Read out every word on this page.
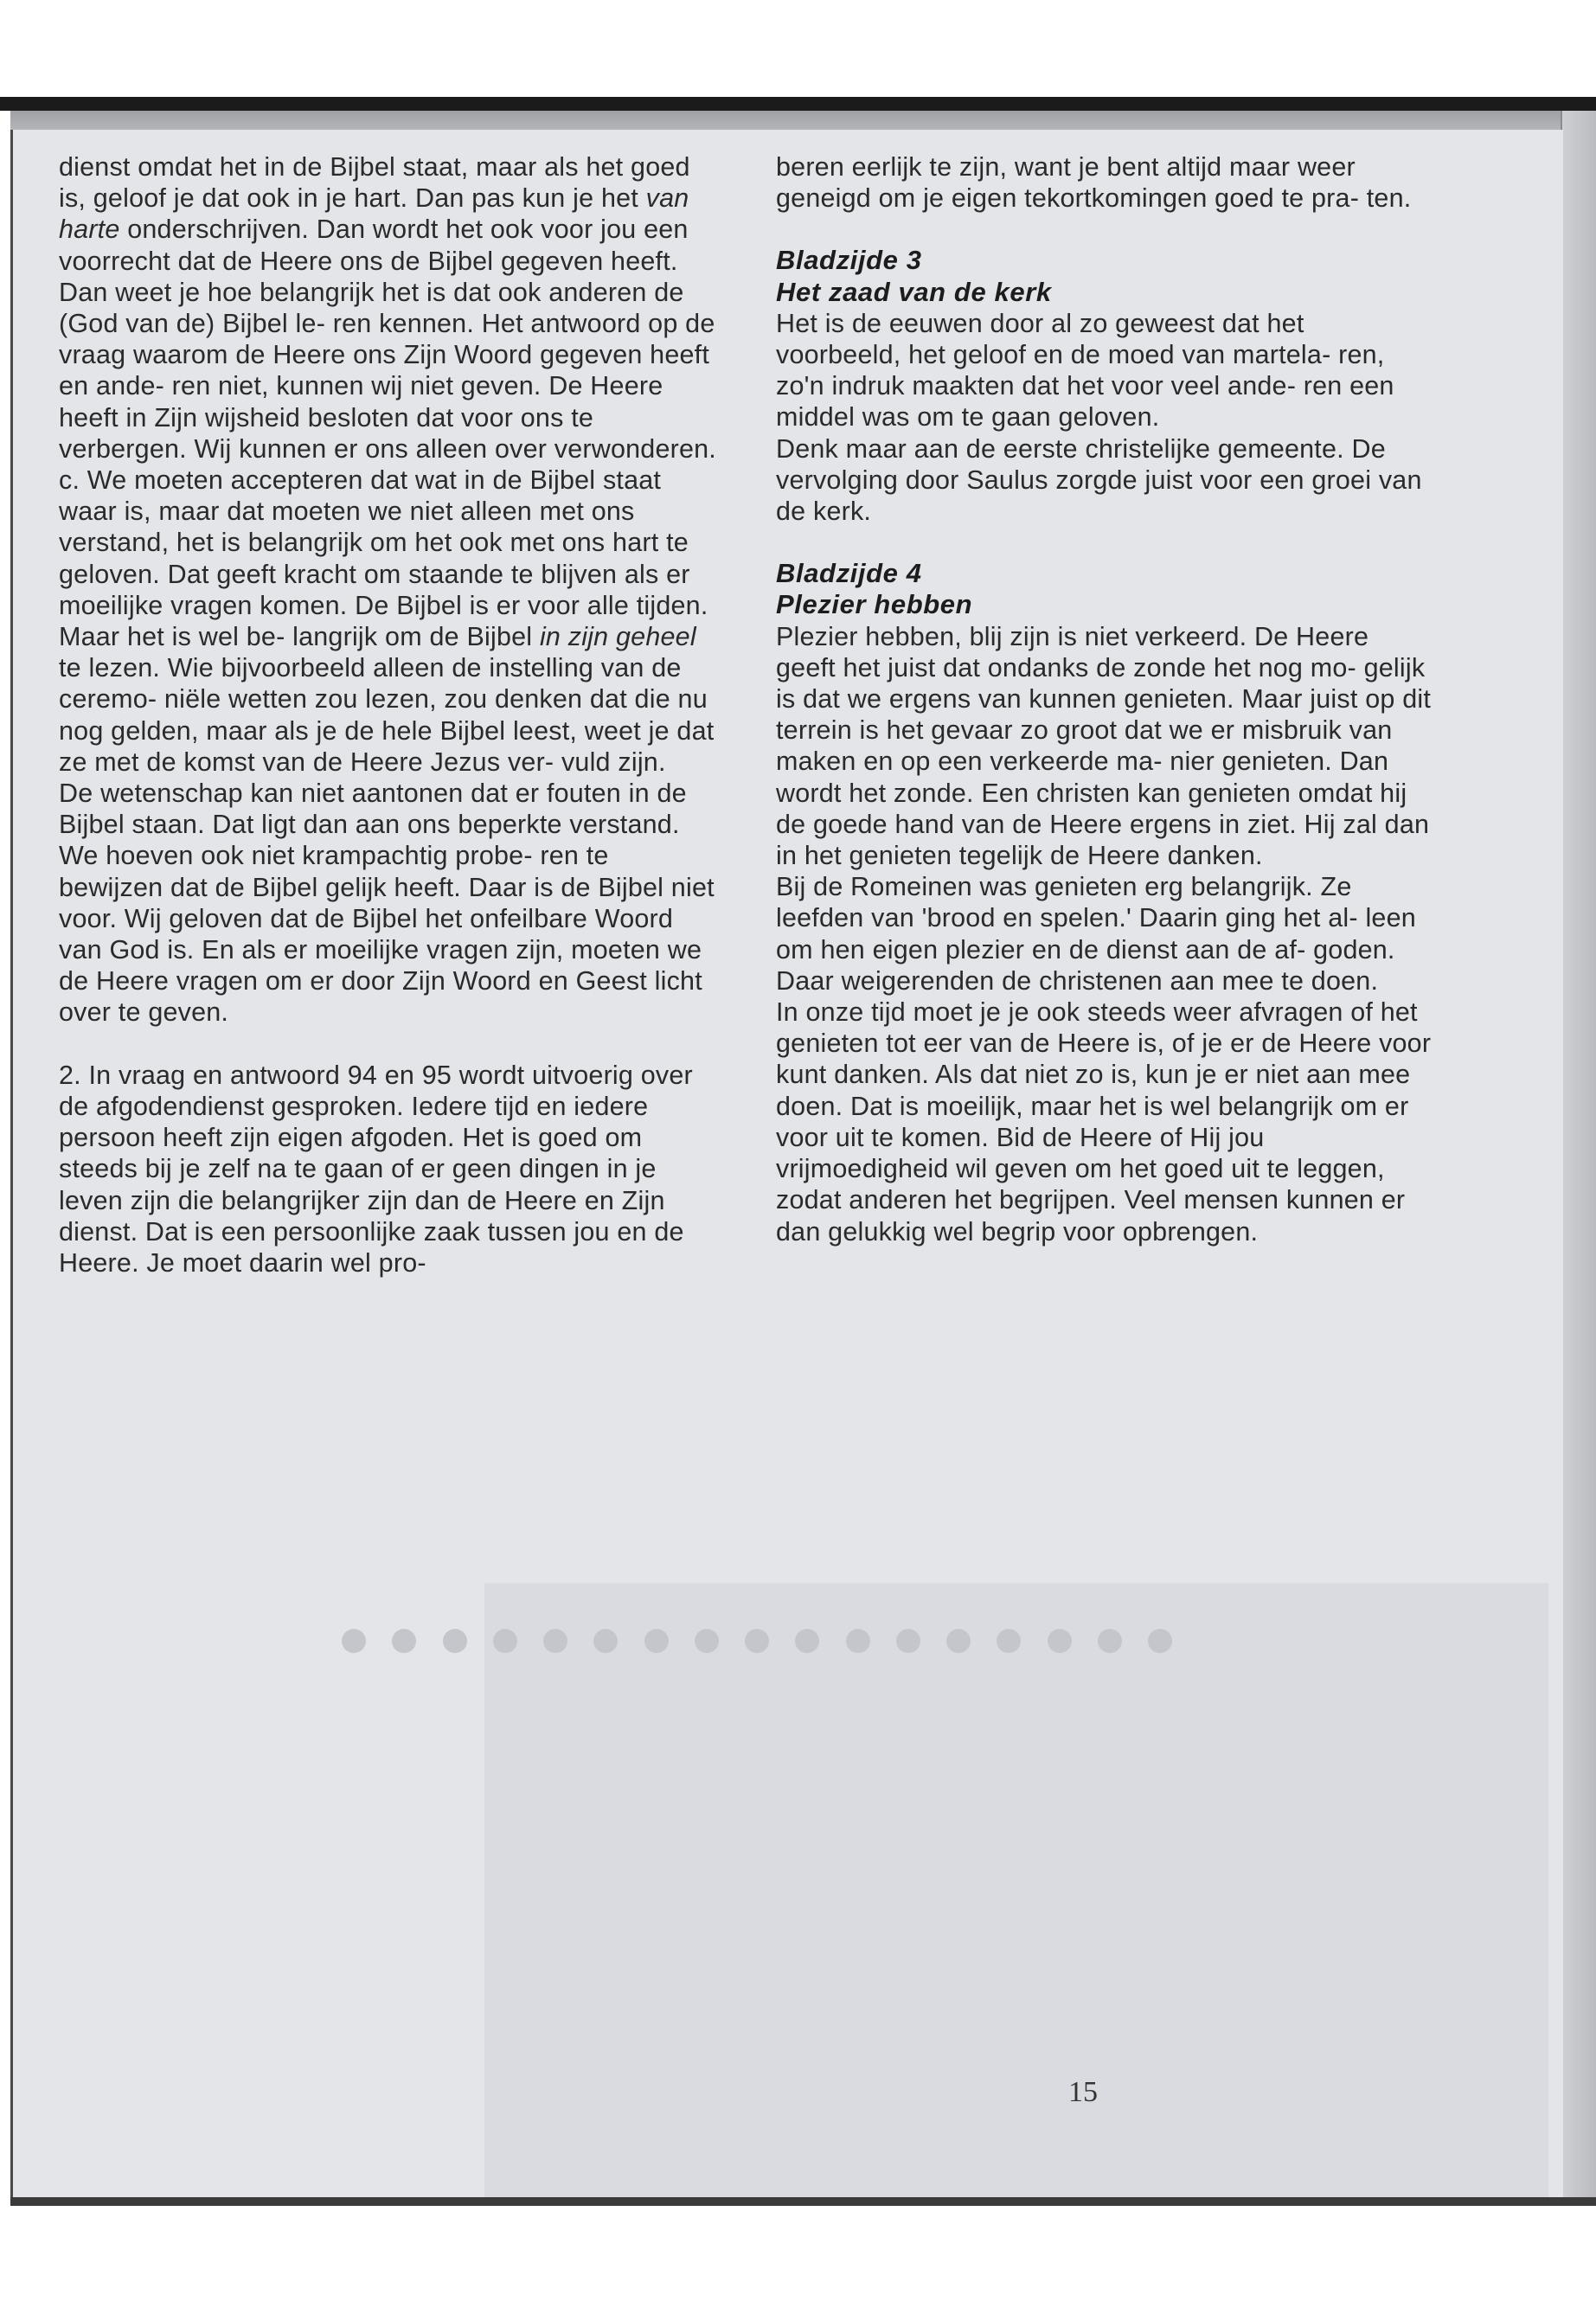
dienst omdat het in de Bijbel staat, maar als het goed is, geloof je dat ook in je hart. Dan pas kun je het van harte onderschrijven. Dan wordt het ook voor jou een voorrecht dat de Heere ons de Bijbel gegeven heeft. Dan weet je hoe belangrijk het is dat ook anderen de (God van de) Bijbel le- ren kennen. Het antwoord op de vraag waarom de Heere ons Zijn Woord gegeven heeft en ande- ren niet, kunnen wij niet geven. De Heere heeft in Zijn wijsheid besloten dat voor ons te verbergen. Wij kunnen er ons alleen over verwonderen.

c. We moeten accepteren dat wat in de Bijbel staat waar is, maar dat moeten we niet alleen met ons verstand, het is belangrijk om het ook met ons hart te geloven. Dat geeft kracht om staande te blijven als er moeilijke vragen komen. De Bijbel is er voor alle tijden. Maar het is wel be- langrijk om de Bijbel in zijn geheel te lezen. Wie bijvoorbeeld alleen de instelling van de ceremo- niële wetten zou lezen, zou denken dat die nu nog gelden, maar als je de hele Bijbel leest, weet je dat ze met de komst van de Heere Jezus ver- vuld zijn.

De wetenschap kan niet aantonen dat er fouten in de Bijbel staan. Dat ligt dan aan ons beperkte verstand. We hoeven ook niet krampachtig probe- ren te bewijzen dat de Bijbel gelijk heeft. Daar is de Bijbel niet voor. Wij geloven dat de Bijbel het onfeilbare Woord van God is. En als er moeilijke vragen zijn, moeten we de Heere vragen om er door Zijn Woord en Geest licht over te geven.

2. In vraag en antwoord 94 en 95 wordt uitvoerig over de afgodendienst gesproken. Iedere tijd en iedere persoon heeft zijn eigen afgoden. Het is goed om steeds bij je zelf na te gaan of er geen dingen in je leven zijn die belangrijker zijn dan de Heere en Zijn dienst. Dat is een persoonlijke zaak tussen jou en de Heere. Je moet daarin wel pro-

beren eerlijk te zijn, want je bent altijd maar weer geneigd om je eigen tekortkomingen goed te pra- ten.

Bladzijde 3

Het zaad van de kerk

Het is de eeuwen door al zo geweest dat het voorbeeld, het geloof en de moed van martela- ren, zo'n indruk maakten dat het voor veel ande- ren een middel was om te gaan geloven.

Denk maar aan de eerste christelijke gemeente. De vervolging door Saulus zorgde juist voor een groei van de kerk.

Bladzijde 4

Plezier hebben

Plezier hebben, blij zijn is niet verkeerd. De Heere geeft het juist dat ondanks de zonde het nog mo- gelijk is dat we ergens van kunnen genieten. Maar juist op dit terrein is het gevaar zo groot dat we er misbruik van maken en op een verkeerde ma- nier genieten. Dan wordt het zonde. Een christen kan genieten omdat hij de goede hand van de Heere ergens in ziet. Hij zal dan in het genieten tegelijk de Heere danken.

Bij de Romeinen was genieten erg belangrijk. Ze leefden van 'brood en spelen.' Daarin ging het al- leen om hen eigen plezier en de dienst aan de af- goden. Daar weigerenden de christenen aan mee te doen.

In onze tijd moet je je ook steeds weer afvragen of het genieten tot eer van de Heere is, of je er de Heere voor kunt danken. Als dat niet zo is, kun je er niet aan mee doen. Dat is moeilijk, maar het is wel belangrijk om er voor uit te komen. Bid de Heere of Hij jou vrijmoedigheid wil geven om het goed uit te leggen, zodat anderen het begrijpen. Veel mensen kunnen er dan gelukkig wel begrip voor opbrengen.

15
